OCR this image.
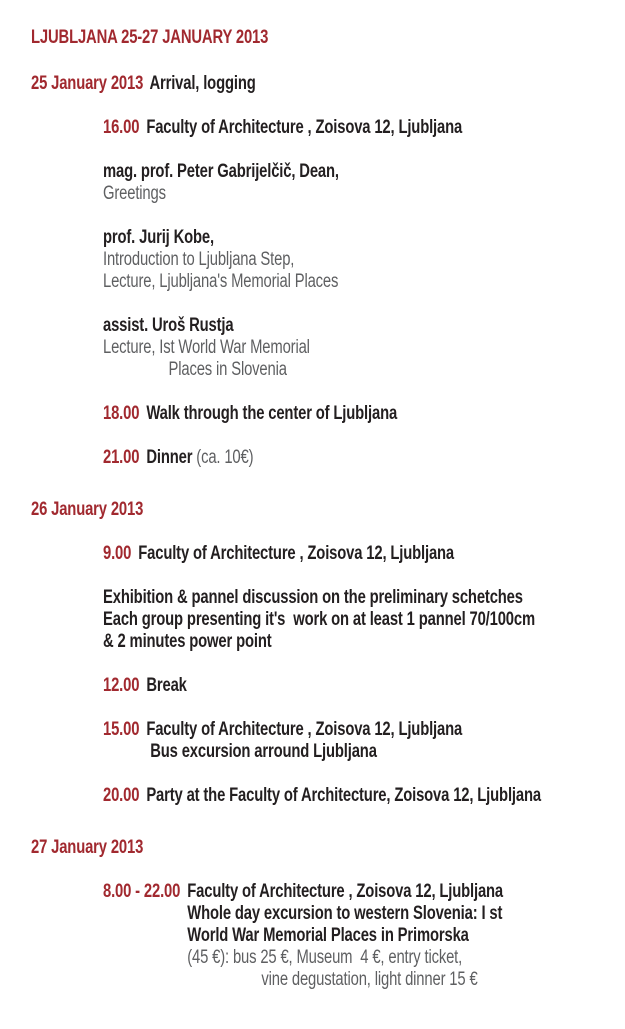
LJUBLJANA 25-27 JANUARY 2013
25 January 2013 Arrival, logging
16.00 Faculty of Architecture , Zoisova 12, Ljubljana
mag. prof. Peter Gabrijelčič, Dean,
Greetings
prof. Jurij Kobe,
Introduction to Ljubljana Step,
Lecture, Ljubljana's Memorial Places
assist. Uroš Rustja
Lecture, Ist World War Memorial
Places in Slovenia
18.00 Walk through the center of Ljubljana
21.00 Dinner (ca. 10€)
26 January 2013
9.00 Faculty of Architecture , Zoisova 12, Ljubljana
Exhibition & pannel discussion on the preliminary schetches
Each group presenting it's  work on at least 1 pannel 70/100cm
& 2 minutes power point
12.00 Break
15.00 Faculty of Architecture , Zoisova 12, Ljubljana
Bus excursion arround Ljubljana
20.00 Party at the Faculty of Architecture, Zoisova 12, Ljubljana
27 January 2013
8.00 - 22.00 Faculty of Architecture , Zoisova 12, Ljubljana
Whole day excursion to western Slovenia: I st
World War Memorial Places in Primorska
(45 €): bus 25 €, Museum  4 €, entry ticket,
vine degustation, light dinner 15 €
